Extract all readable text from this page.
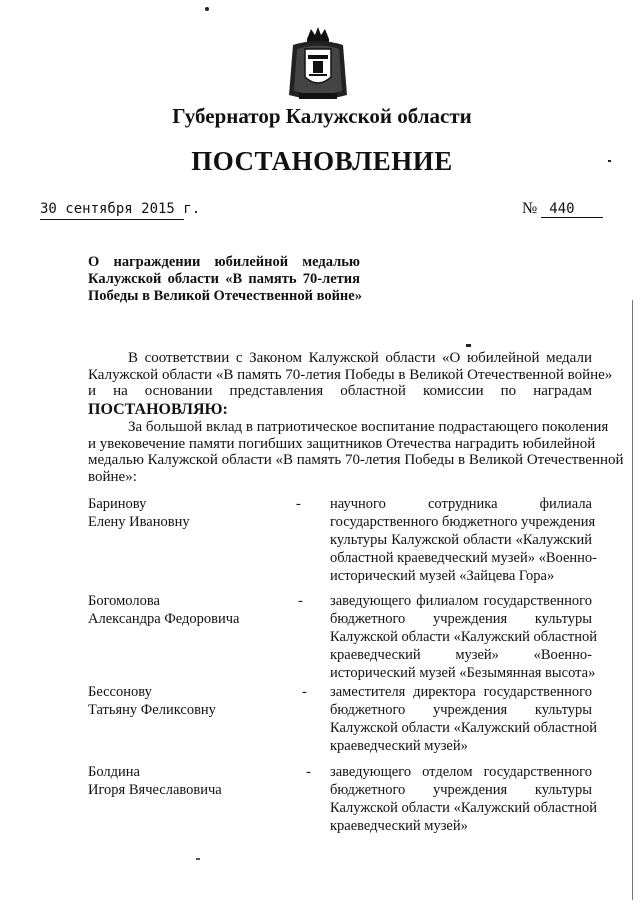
Губернатор Калужской области
ПОСТАНОВЛЕНИЕ
30 сентября 2015 г.	№ 440
О награждении юбилейной медалью
Калужской области «В память 70-летия
Победы в Великой Отечественной войне»
В соответствии с Законом Калужской области «О юбилейной медали
Калужской области «В память 70-летия Победы в Великой Отечественной войне»
и на основании представления областной комиссии по наградам
ПОСТАНОВЛЯЮ:
За большой вклад в патриотическое воспитание подрастающего поколения
и увековечение памяти погибших защитников Отечества наградить юбилейной
медалью Калужской области «В память 70-летия Победы в Великой Отечественной
войне»:
Баринову
Елену Ивановну
- научного сотрудника филиала
государственного бюджетного учреждения
культуры Калужской области «Калужский
областной краеведческий музей» «Военно-
исторический музей «Зайцева Гора»
Богомолова
Александра Федоровича
- заведующего филиалом государственного
бюджетного учреждения культуры
Калужской области «Калужский областной
краеведческий музей» «Военно-
исторический музей «Безымянная высота»
Бессонову
Татьяну Феликсовну
- заместителя директора государственного
бюджетного учреждения культуры
Калужской области «Калужский областной
краеведческий музей»
Болдина
Игоря Вячеславовича
- заведующего отделом государственного
бюджетного учреждения культуры
Калужской области «Калужский областной
краеведческий музей»
